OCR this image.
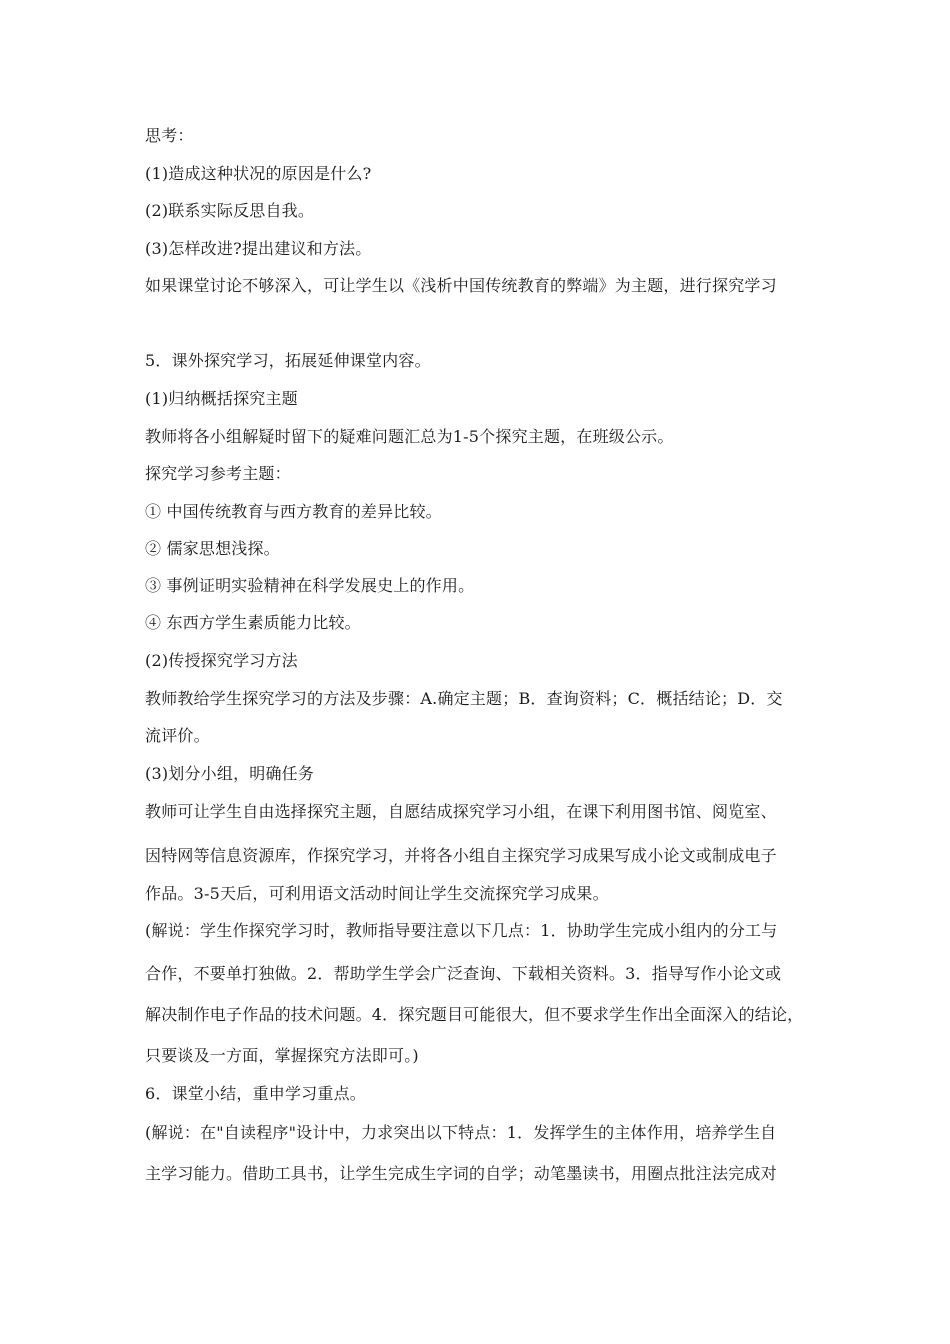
思考：
(1)造成这种状况的原因是什么?
(2)联系实际反思自我。
(3)怎样改进?提出建议和方法。
如果课堂讨论不够深入，可让学生以《浅析中国传统教育的弊端》为主题，进行探究学习
5．课外探究学习，拓展延伸课堂内容。
(1)归纳概括探究主题
教师将各小组解疑时留下的疑难问题汇总为1-5个探究主题，在班级公示。
探究学习参考主题：
① 中国传统教育与西方教育的差异比较。
② 儒家思想浅探。
③ 事例证明实验精神在科学发展史上的作用。
④ 东西方学生素质能力比较。
(2)传授探究学习方法
教师教给学生探究学习的方法及步骤：A.确定主题；B．查询资料；C．概括结论；D．交
流评价。
(3)划分小组，明确任务
教师可让学生自由选择探究主题，自愿结成探究学习小组，在课下利用图书馆、阅览室、
因特网等信息资源库，作探究学习，并将各小组自主探究学习成果写成小论文或制成电子
作品。3-5天后，可利用语文活动时间让学生交流探究学习成果。
(解说：学生作探究学习时，教师指导要注意以下几点：1．协助学生完成小组内的分工与
合作，不要单打独做。2．帮助学生学会广泛查询、下载相关资料。3．指导写作小论文或
解决制作电子作品的技术问题。4．探究题目可能很大，但不要求学生作出全面深入的结论，
只要谈及一方面，掌握探究方法即可。)
6．课堂小结，重申学习重点。
(解说：在"自读程序"设计中，力求突出以下特点：1．发挥学生的主体作用，培养学生自
主学习能力。借助工具书，让学生完成生字词的自学；动笔墨读书，用圈点批注法完成对
